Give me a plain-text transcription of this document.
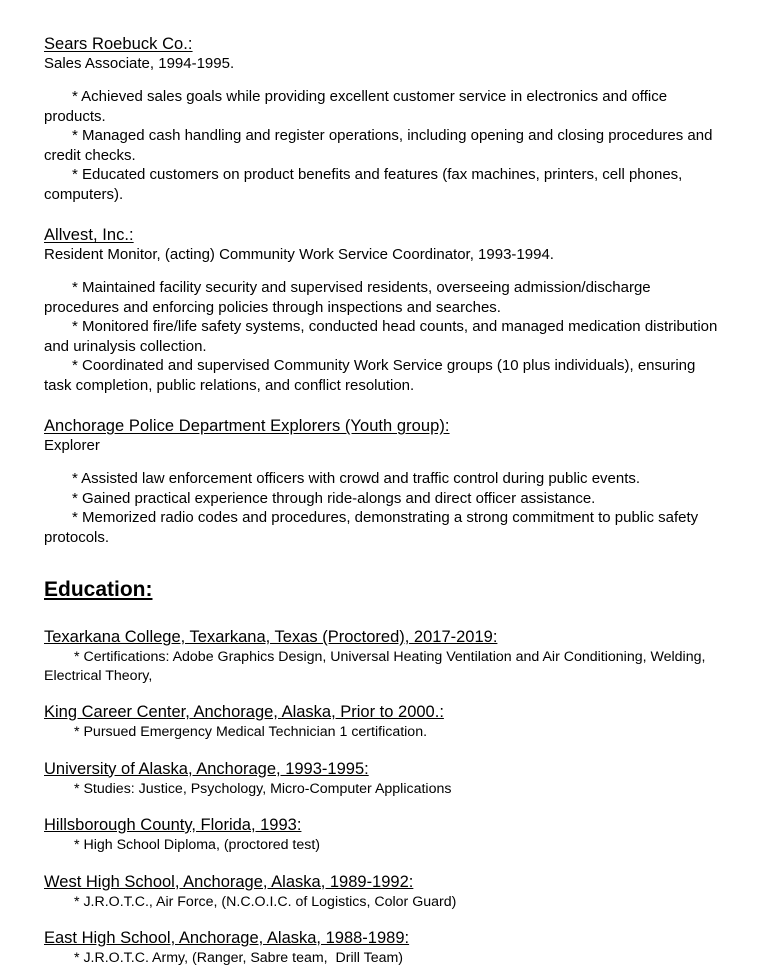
Sears Roebuck Co.:
Sales Associate, 1994-1995.
* Achieved sales goals while providing excellent customer service in electronics and office products.
* Managed cash handling and register operations, including opening and closing procedures and credit checks.
* Educated customers on product benefits and features (fax machines, printers, cell phones, computers).
Allvest, Inc.:
Resident Monitor, (acting) Community Work Service Coordinator, 1993-1994.
* Maintained facility security and supervised residents, overseeing admission/discharge procedures and enforcing policies through inspections and searches.
* Monitored fire/life safety systems, conducted head counts, and managed medication distribution and urinalysis collection.
* Coordinated and supervised Community Work Service groups (10 plus individuals), ensuring task completion, public relations, and conflict resolution.
Anchorage Police Department Explorers (Youth group):
Explorer
* Assisted law enforcement officers with crowd and traffic control during public events.
* Gained practical experience through ride-alongs and direct officer assistance.
* Memorized radio codes and procedures, demonstrating a strong commitment to public safety protocols.
Education:
Texarkana College, Texarkana, Texas (Proctored), 2017-2019:
* Certifications: Adobe Graphics Design, Universal Heating Ventilation and Air Conditioning, Welding, Electrical Theory,
King Career Center, Anchorage, Alaska, Prior to 2000.:
* Pursued Emergency Medical Technician 1 certification.
University of Alaska, Anchorage, 1993-1995:
* Studies: Justice, Psychology, Micro-Computer Applications
Hillsborough County, Florida, 1993:
* High School Diploma, (proctored test)
West High School, Anchorage, Alaska, 1989-1992:
* J.R.O.T.C., Air Force, (N.C.O.I.C. of Logistics, Color Guard)
East High School, Anchorage, Alaska, 1988-1989:
* J.R.O.T.C. Army, (Ranger, Sabre team,  Drill Team)
